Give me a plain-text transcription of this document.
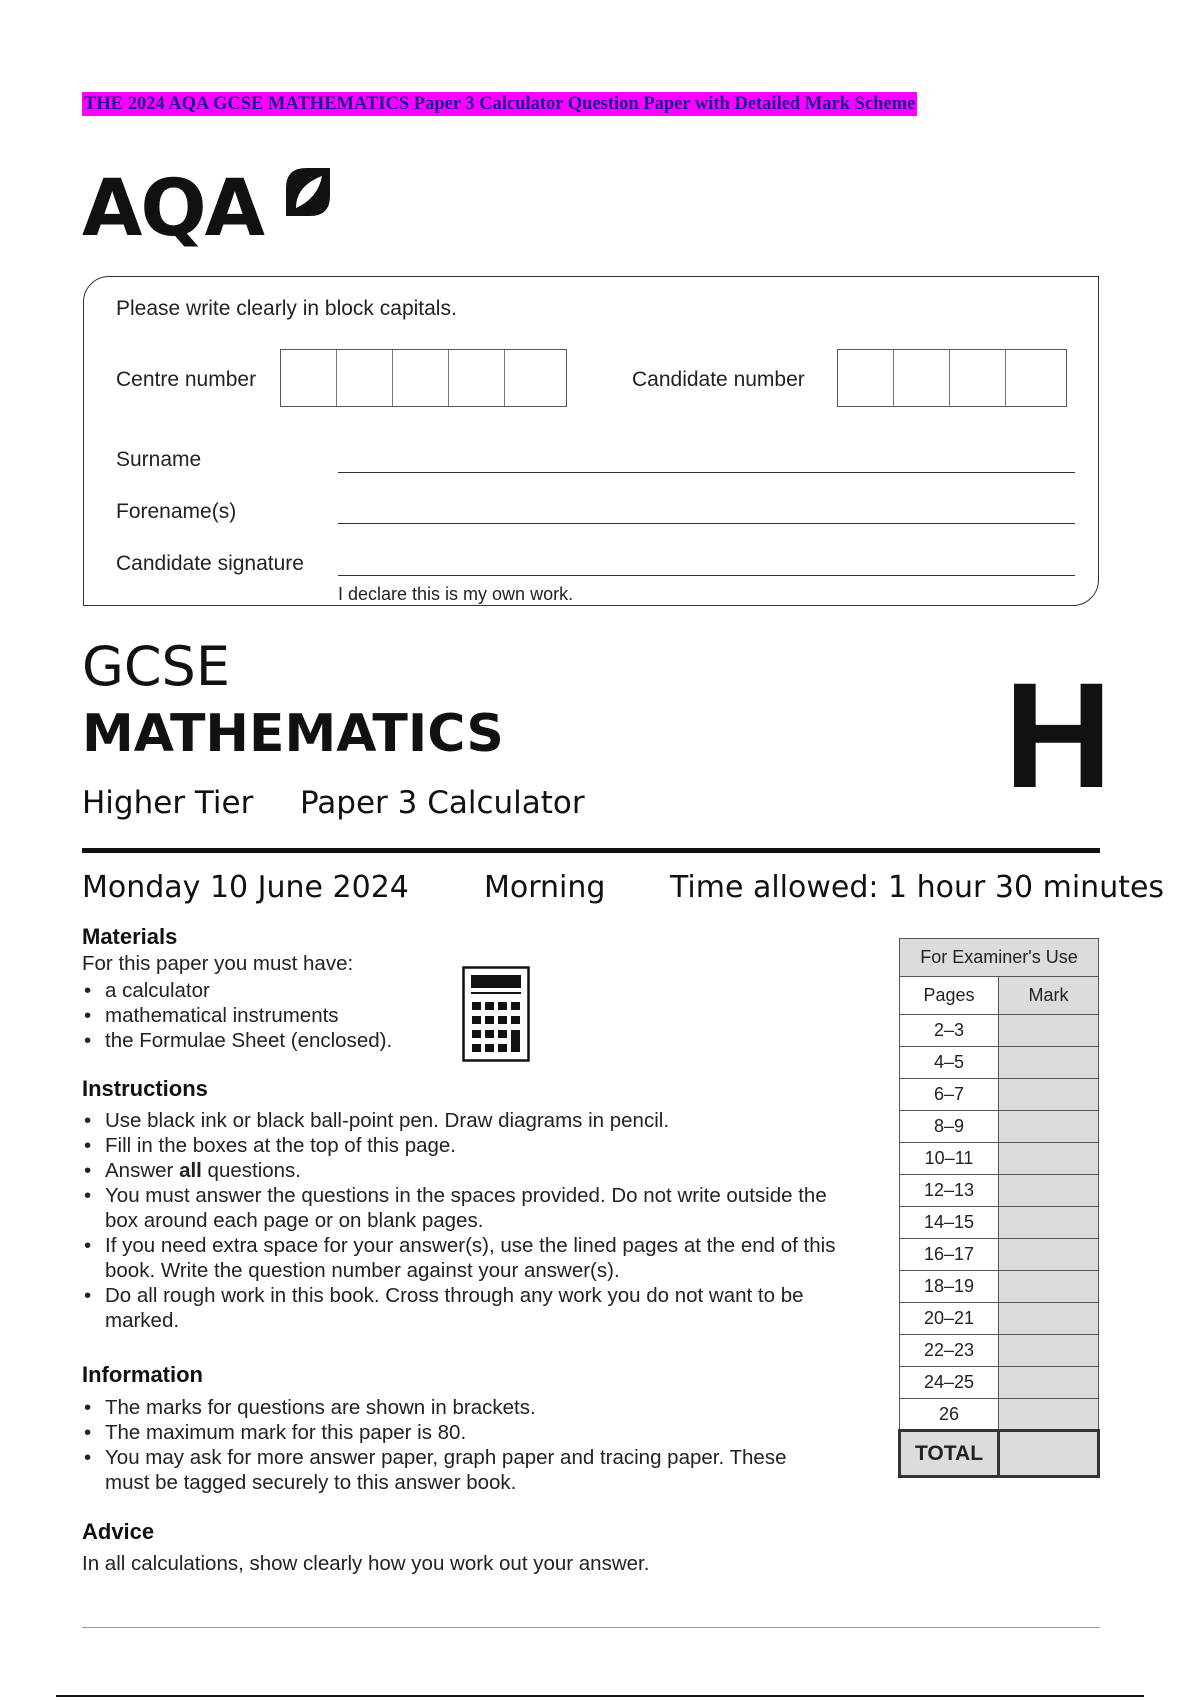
THE 2024 AQA GCSE MATHEMATICS Paper 3 Calculator Question Paper with Detailed Mark Scheme
AQA
Please write clearly in block capitals.
Centre number	Candidate number
Surname
Forename(s)
Candidate signature
I declare this is my own work.
GCSE
MATHEMATICS
Higher Tier Paper 3 Calculator	H
Monday 10 June 2024	Morning Time allowed: 1 hour 30 minutes
Materials
For this paper you must have:
• a calculator
• mathematical instruments
• the Formulae Sheet (enclosed).
Instructions
• Use black ink or black ball-point pen. Draw diagrams in pencil.
• Fill in the boxes at the top of this page.
• Answer all questions.
• You must answer the questions in the spaces provided. Do not write outside the box around each page or on blank pages.
• If you need extra space for your answer(s), use the lined pages at the end of this book. Write the question number against your answer(s).
• Do all rough work in this book. Cross through any work you do not want to be marked.
Information
• The marks for questions are shown in brackets.
• The maximum mark for this paper is 80.
• You may ask for more answer paper, graph paper and tracing paper. These must be tagged securely to this answer book.
Advice
In all calculations, show clearly how you work out your answer.
For Examiner's Use	
Pages	Mark
2–3	
4–5	
6–7	
8–9	
10–11	
12–13	
14–15	
16–17	
18–19	
20–21	
22–23	
24–25	
26	
TOTAL	
